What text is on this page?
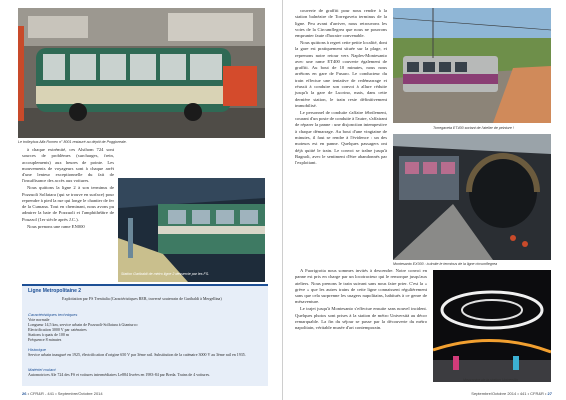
Le trolleybus Alfa Romeo n° 8001 restauré au dépôt de Poggioreale.

à chaque extrémité, ces Alsthom 724 sont sources de problèmes (surcharges, frein, accouplements) aux heures de pointe. Les mouvements de voyageurs sont à chaque arrêt d'une lenteur exceptionnelle du fait de l'insuffisance des accès aux voitures.

Nous quittons la ligne 2 à son terminus de Pozzuoli Solfatara (qui se trouve en surface) pour reprendre à pied la rue qui longe le chantier de fer de la Cumana. Tout en cheminant, nous avons pu admirer la baie de Pozzuoli et l'amphithéâtre de Pouzzol (1er siècle après J.C.).

Nous prenons une rame EN000

Station Garibaldi de métro ligne 2 desservie par les FS.
Ligne Metropolitaine 2
Exploitation par FS Trenitalia (Caractéristiques RER, traversé souterrain de Garibaldi à Mergellina)
Caractéristiques techniques
Voie normale
Longueur 14,5 km, service urbain de Pozzuoli-Solfatara à Gianturco
Electrification 3000 V par caténaires
Stations à quais de 100 m
Fréquence 8 minutes
Historique
Service urbain inauguré en 1925, électrification d'origine 650 V par 3ème rail. Substitution de la caténaire 3000 V au 3ème rail en 1935.
Matériel roulant
Automotrices Ale 724 des FS et voitures intermédiaires Le884 livrées en 1983-84 par Breda. Trains de 4 voitures.
26 • CFR&R - 441 • Septembre/Octobre 2014

couverte de graffiti pour nous rendre à la station balnéaire de Torregaveta terminus de la ligne. Peu avant d'arriver, nous retrouvons les voies de la Circumflegrea que nous ne pourrons emprunter faute d'horaire convenable.

Nous quittons à regret cette petite localité, dont la gare est pratiquement située sur la plage, et reprenons notre retour vers Naples-Montesanto avec une rame ET400 couverte également de graffiti. Au bout de 10 minutes, nous nous arrêtons en gare de Fusaro. Le conducteur du train effectue une tentative de redémarrage et réussit à conduire son convoi à allure réduite jusqu'à la gare de Lucrino, mais, dans cette dernière station, le train reste définitivement immobilisé.

Le personnel de conduite s'affaire fébrilement, courant d'un poste de conduite à l'autre, s'affairant de réparer la panne : une disjonction intempestive à chaque démarrage. Au bout d'une vingtaine de minutes, il faut se rendre à l'évidence : un des moteurs est en panne. Quelques passagers ont déjà quitté le train. Le convoi se traîne jusqu'à Bagnoli, avec le sentiment d'être abandonnés par l'exploitant.

Torregaveta ET400 sortant de l'atelier de peinture !
Montesanto EX000 : à droite le terminus de la ligne circumflegrea

A Fuorigrotta nous sommes invités à descendre. Notre convoi en panne est pris en charge par un locotracteur qui le remorque jusqu'aux ateliers. Nous prenons le train suivant sans nous faire prier. C'est la « grève » que les autres trains de cette ligne connaissent régulièrement sans que cela surprenne les usagers napolitains, habitués à ce genre de mésaventure.

Le trajet jusqu'à Montesanto s'effectue ensuite sans nouvel incident. Quelques photos sont prises à la station de métro Università au décor remarquable. La fin du séjour se passe par la découverte du métro napolitain, véritable musée d'art contemporain.

Mezzanine de la station Università
Septembre/Octobre 2014 • 441 • CFR&R • 27
